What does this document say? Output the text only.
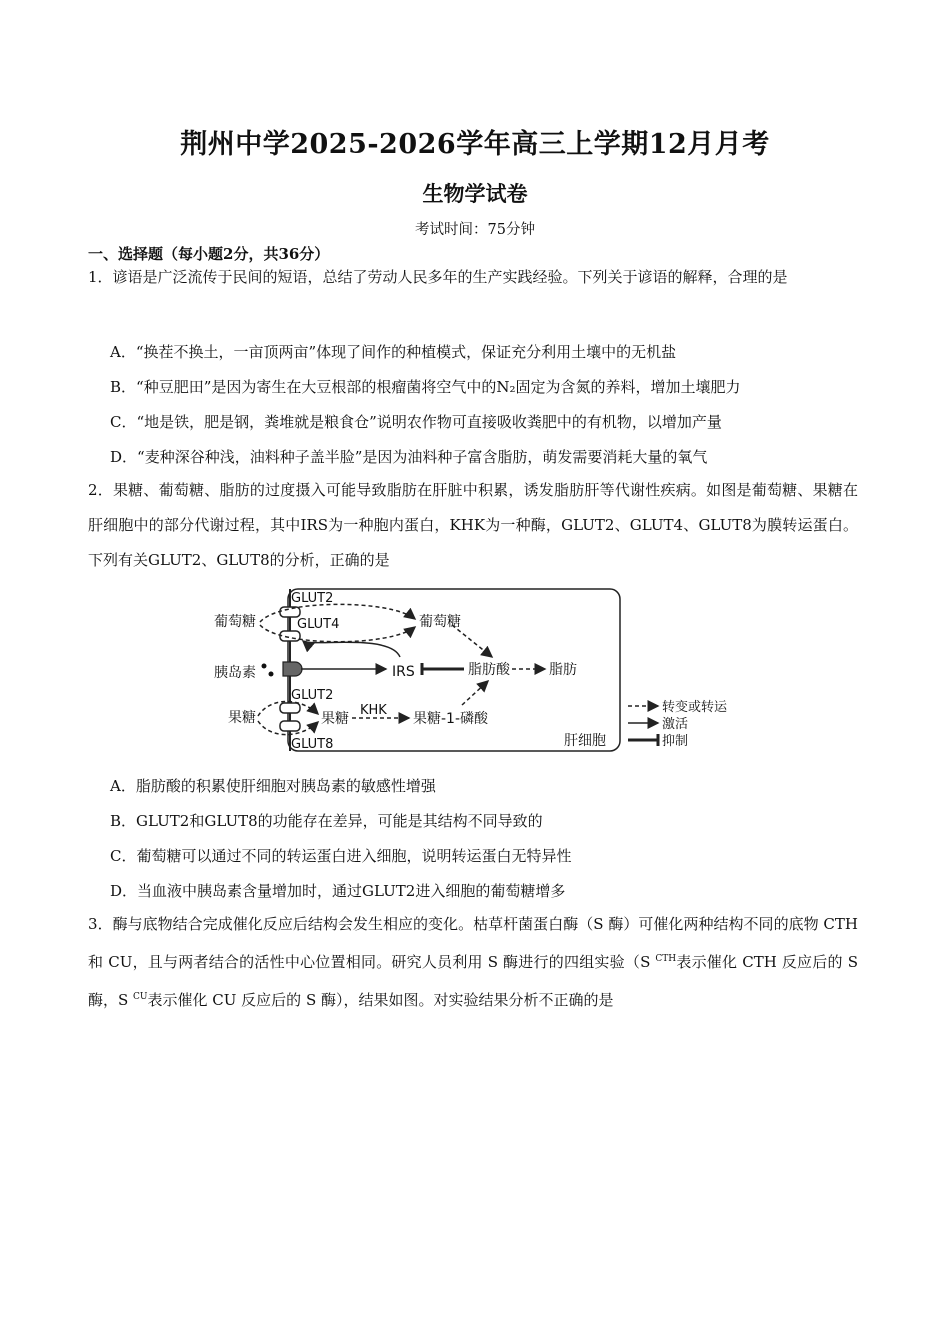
荆州中学2025-2026学年高三上学期12月月考
生物学试卷
考试时间：75分钟
一、选择题（每小题2分，共36分）
1．谚语是广泛流传于民间的短语，总结了劳动人民多年的生产实践经验。下列关于谚语的解释，合理的是
A．“换茬不换土，一亩顶两亩”体现了间作的种植模式，保证充分利用土壤中的无机盐
B．“种豆肥田”是因为寄生在大豆根部的根瘤菌将空气中的N₂固定为含氮的养料，增加土壤肥力
C．“地是铁，肥是钢，粪堆就是粮食仓”说明农作物可直接吸收粪肥中的有机物，以增加产量
D．“麦种深谷种浅，油料种子盖半脸”是因为油料种子富含脂肪，萌发需要消耗大量的氧气
2．果糖、葡萄糖、脂肪的过度摄入可能导致脂肪在肝脏中积累，诱发脂肪肝等代谢性疾病。如图是葡萄糖、果糖在肝细胞中的部分代谢过程，其中IRS为一种胞内蛋白，KHK为一种酶，GLUT2、GLUT4、GLUT8为膜转运蛋白。下列有关GLUT2、GLUT8的分析，正确的是
GLUT2
GLUT4
葡萄糖	葡萄糖
胰岛素	IRS	脂肪酸	脂肪
GLUT2
果糖	果糖
KHK
果糖-1-磷酸
GLUT8	肝细胞
转变或转运
激活
抑制
A．脂肪酸的积累使肝细胞对胰岛素的敏感性增强
B．GLUT2和GLUT8的功能存在差异，可能是其结构不同导致的
C．葡萄糖可以通过不同的转运蛋白进入细胞，说明转运蛋白无特异性
D．当血液中胰岛素含量增加时，通过GLUT2进入细胞的葡萄糖增多
3．酶与底物结合完成催化反应后结构会发生相应的变化。枯草杆菌蛋白酶（S 酶）可催化两种结构不同的底物 CTH 和 CU，且与两者结合的活性中心位置相同。研究人员利用 S 酶进行的四组实验（S $^{CTH}$表示催化 CTH 反应后的 S 酶，S $^{CU}$表示催化 CU 反应后的 S 酶），结果如图。对实验结果分析不正确的是
